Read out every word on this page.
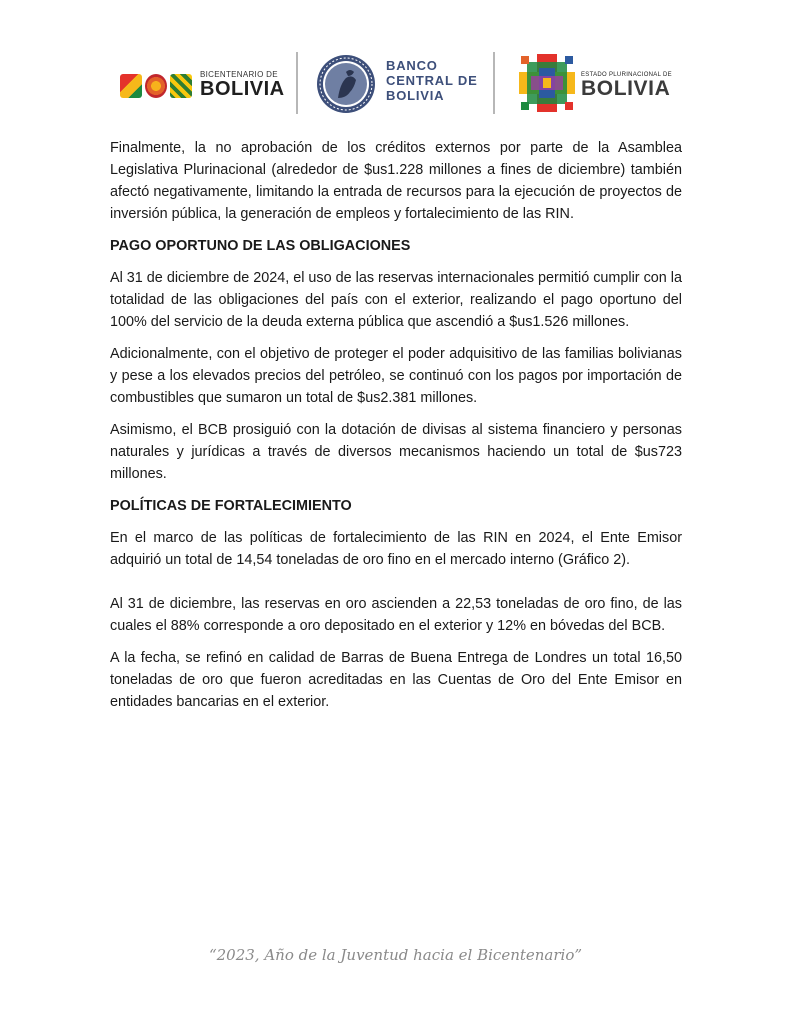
BICENTENARIO DE
BOLIVIA
BANCO
CENTRAL DE
BOLIVIA
ESTADO PLURINACIONAL DE
BOLIVIA

Finalmente, la no aprobación de los créditos externos por parte de la Asamblea Legislativa Plurinacional (alrededor de $us1.228 millones a fines de diciembre) también afectó negativamente, limitando la entrada de recursos para la ejecución de proyectos de inversión pública, la generación de empleos y fortalecimiento de las RIN.

PAGO OPORTUNO DE LAS OBLIGACIONES

Al 31 de diciembre de 2024, el uso de las reservas internacionales permitió cumplir con la totalidad de las obligaciones del país con el exterior, realizando el pago oportuno del 100% del servicio de la deuda externa pública que ascendió a $us1.526 millones.

Adicionalmente, con el objetivo de proteger el poder adquisitivo de las familias bolivianas y pese a los elevados precios del petróleo, se continuó con los pagos por importación de combustibles que sumaron un total de $us2.381 millones.

Asimismo, el BCB prosiguió con la dotación de divisas al sistema financiero y personas naturales y jurídicas a través de diversos mecanismos haciendo un total de $us723 millones.

POLÍTICAS DE FORTALECIMIENTO

En el marco de las políticas de fortalecimiento de las RIN en 2024, el Ente Emisor adquirió un total de 14,54 toneladas de oro fino en el mercado interno (Gráfico 2).

Al 31 de diciembre, las reservas en oro ascienden a 22,53 toneladas de oro fino, de las cuales el 88% corresponde a oro depositado en el exterior y 12% en bóvedas del BCB.

A la fecha, se refinó en calidad de Barras de Buena Entrega de Londres un total 16,50 toneladas de oro que fueron acreditadas en las Cuentas de Oro del Ente Emisor en entidades bancarias en el exterior.

“2023, Año de la Juventud hacia el Bicentenario”
